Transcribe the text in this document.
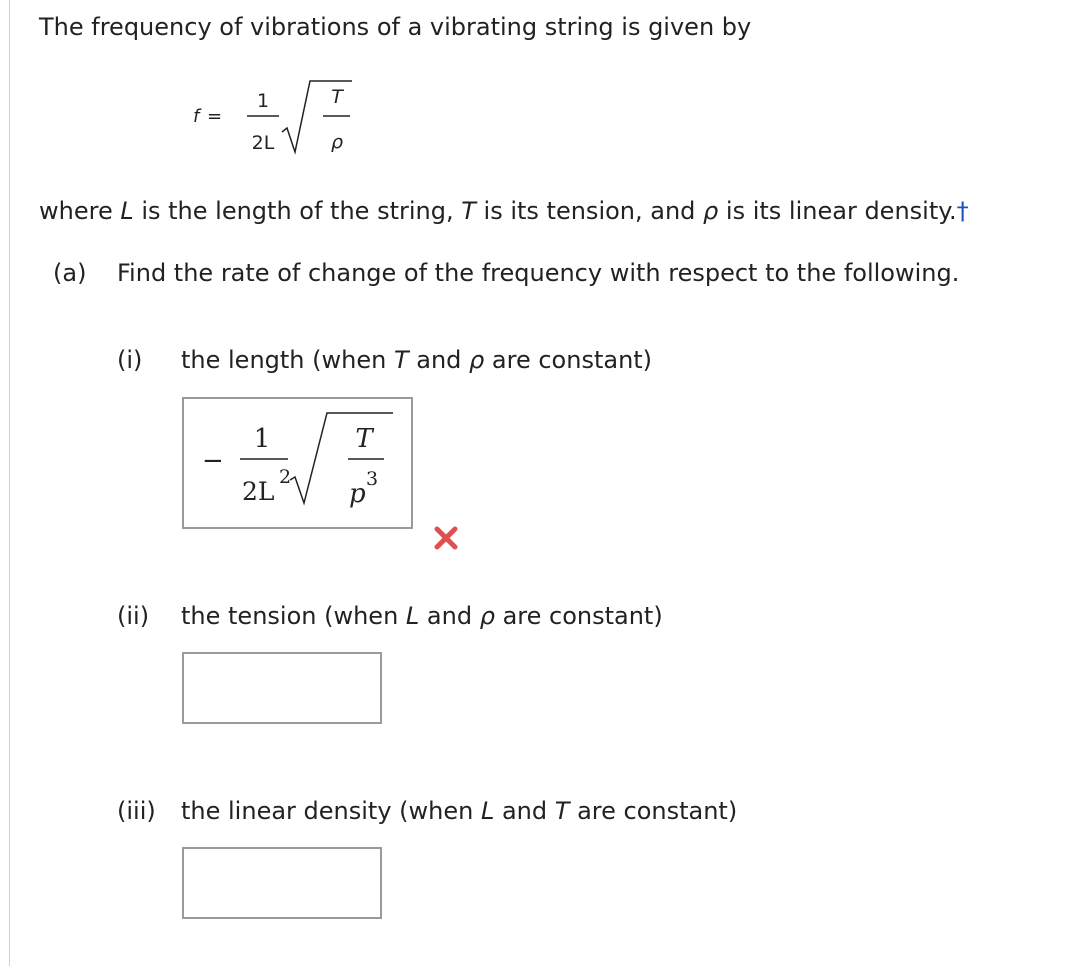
The frequency of vibrations of a vibrating string is given by
f =
1
2L
T
ρ
where L is the length of the string, T is its tension, and ρ is its linear density.†
(a) Find the rate of change of the frequency with respect to the following.
(i) the length (when T and ρ are constant)
−
1
2L 2
T
p 3
(ii) the tension (when L and ρ are constant)
(iii) the linear density (when L and T are constant)
